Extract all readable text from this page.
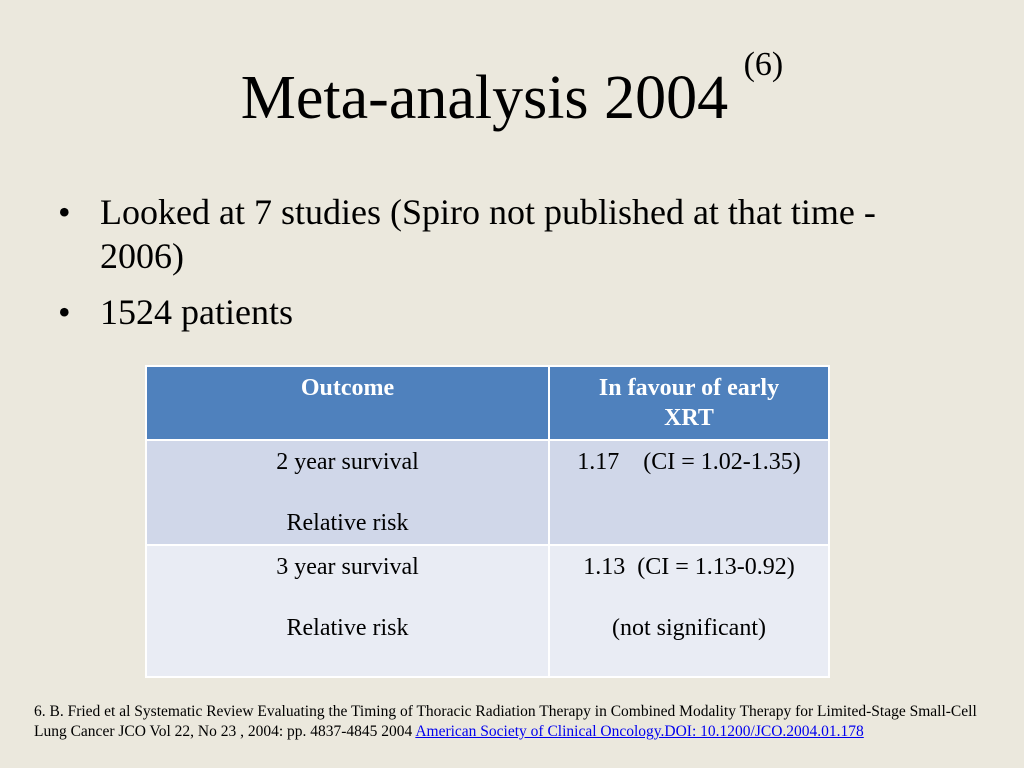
Meta-analysis 2004 $^{(6)}$
• Looked at 7 studies (Spiro not published at that time - 2006)
• 1524 patients
Outcome	In favour of early XRT

2 year survival
Relative risk	1.17    (CI = 1.02-1.35)

3 year survival
Relative risk	1.13  (CI = 1.13-0.92)
(not significant)
6. B. Fried et al Systematic Review Evaluating the Timing of Thoracic Radiation Therapy in Combined Modality Therapy for Limited-Stage Small-Cell Lung Cancer JCO Vol 22, No 23 , 2004: pp. 4837-4845 2004 American Society of Clinical Oncology.DOI: 10.1200/JCO.2004.01.178
